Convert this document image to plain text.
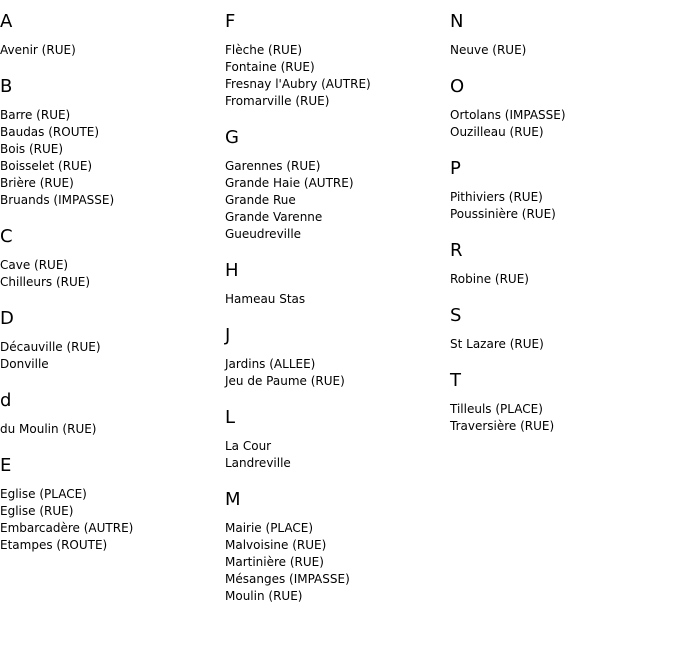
A
Avenir (RUE)
B
Barre (RUE)
Baudas (ROUTE)
Bois (RUE)
Boisselet (RUE)
Brière (RUE)
Bruands (IMPASSE)
C
Cave (RUE)
Chilleurs (RUE)
D
Décauville (RUE)
Donville
d
du Moulin (RUE)
E
Eglise (PLACE)
Eglise (RUE)
Embarcadère (AUTRE)
Etampes (ROUTE)
F
Flèche (RUE)
Fontaine (RUE)
Fresnay l'Aubry (AUTRE)
Fromarville (RUE)
G
Garennes (RUE)
Grande Haie (AUTRE)
Grande Rue
Grande Varenne
Gueudreville
H
Hameau Stas
J
Jardins (ALLEE)
Jeu de Paume (RUE)
L
La Cour
Landreville
M
Mairie (PLACE)
Malvoisine (RUE)
Martinière (RUE)
Mésanges (IMPASSE)
Moulin (RUE)
N
Neuve (RUE)
O
Ortolans (IMPASSE)
Ouzilleau (RUE)
P
Pithiviers (RUE)
Poussinière (RUE)
R
Robine (RUE)
S
St Lazare (RUE)
T
Tilleuls (PLACE)
Traversière (RUE)
